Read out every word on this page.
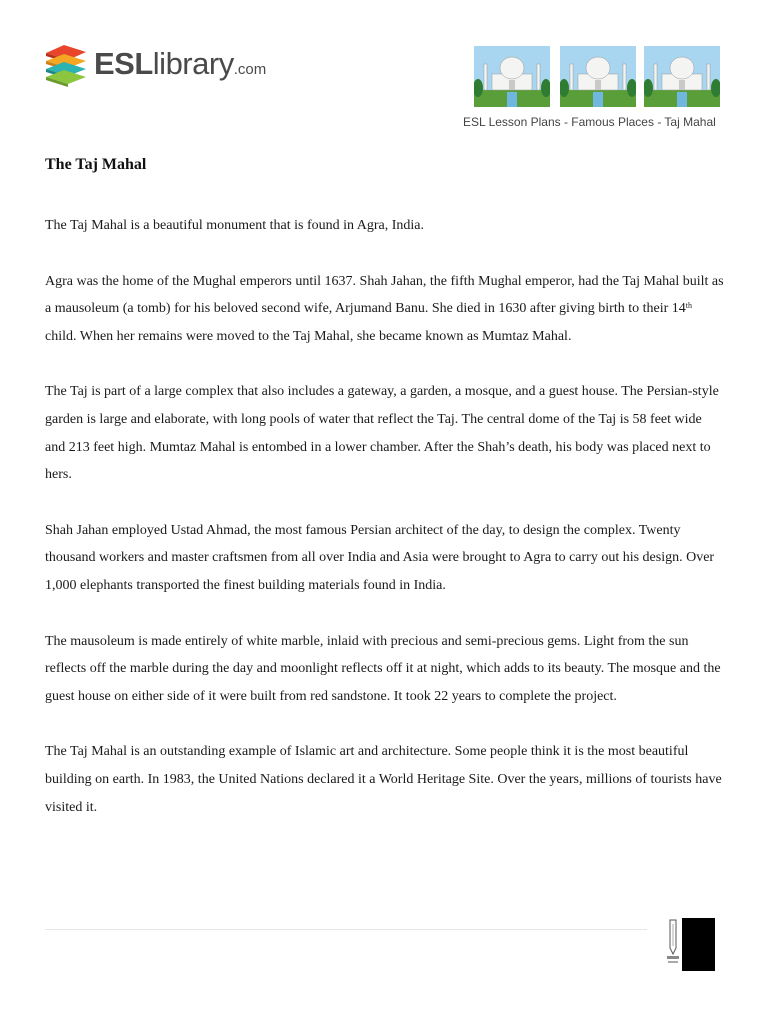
ESLlibrary.com
ESL Lesson Plans - Famous Places - Taj Mahal
The Taj Mahal

The Taj Mahal is a beautiful monument that is found in Agra, India.

Agra was the home of the Mughal emperors until 1637. Shah Jahan, the fifth Mughal emperor, had the Taj Mahal built as a mausoleum (a tomb) for his beloved second wife, Arjumand Banu. She died in 1630 after giving birth to their 14th child. When her remains were moved to the Taj Mahal, she became known as Mumtaz Mahal.

The Taj is part of a large complex that also includes a gateway, a garden, a mosque, and a guest house. The Persian-style garden is large and elaborate, with long pools of water that reflect the Taj. The central dome of the Taj is 58 feet wide and 213 feet high. Mumtaz Mahal is entombed in a lower chamber. After the Shah’s death, his body was placed next to hers.

Shah Jahan employed Ustad Ahmad, the most famous Persian architect of the day, to design the complex. Twenty thousand workers and master craftsmen from all over India and Asia were brought to Agra to carry out his design. Over 1,000 elephants transported the finest building materials found in India.

The mausoleum is made entirely of white marble, inlaid with precious and semi-precious gems. Light from the sun reflects off the marble during the day and moonlight reflects off it at night, which adds to its beauty. The mosque and the guest house on either side of it were built from red sandstone. It took 22 years to complete the project.

The Taj Mahal is an outstanding example of Islamic art and architecture. Some people think it is the most beautiful building on earth. In 1983, the United Nations declared it a World Heritage Site. Over the years, millions of tourists have visited it.
